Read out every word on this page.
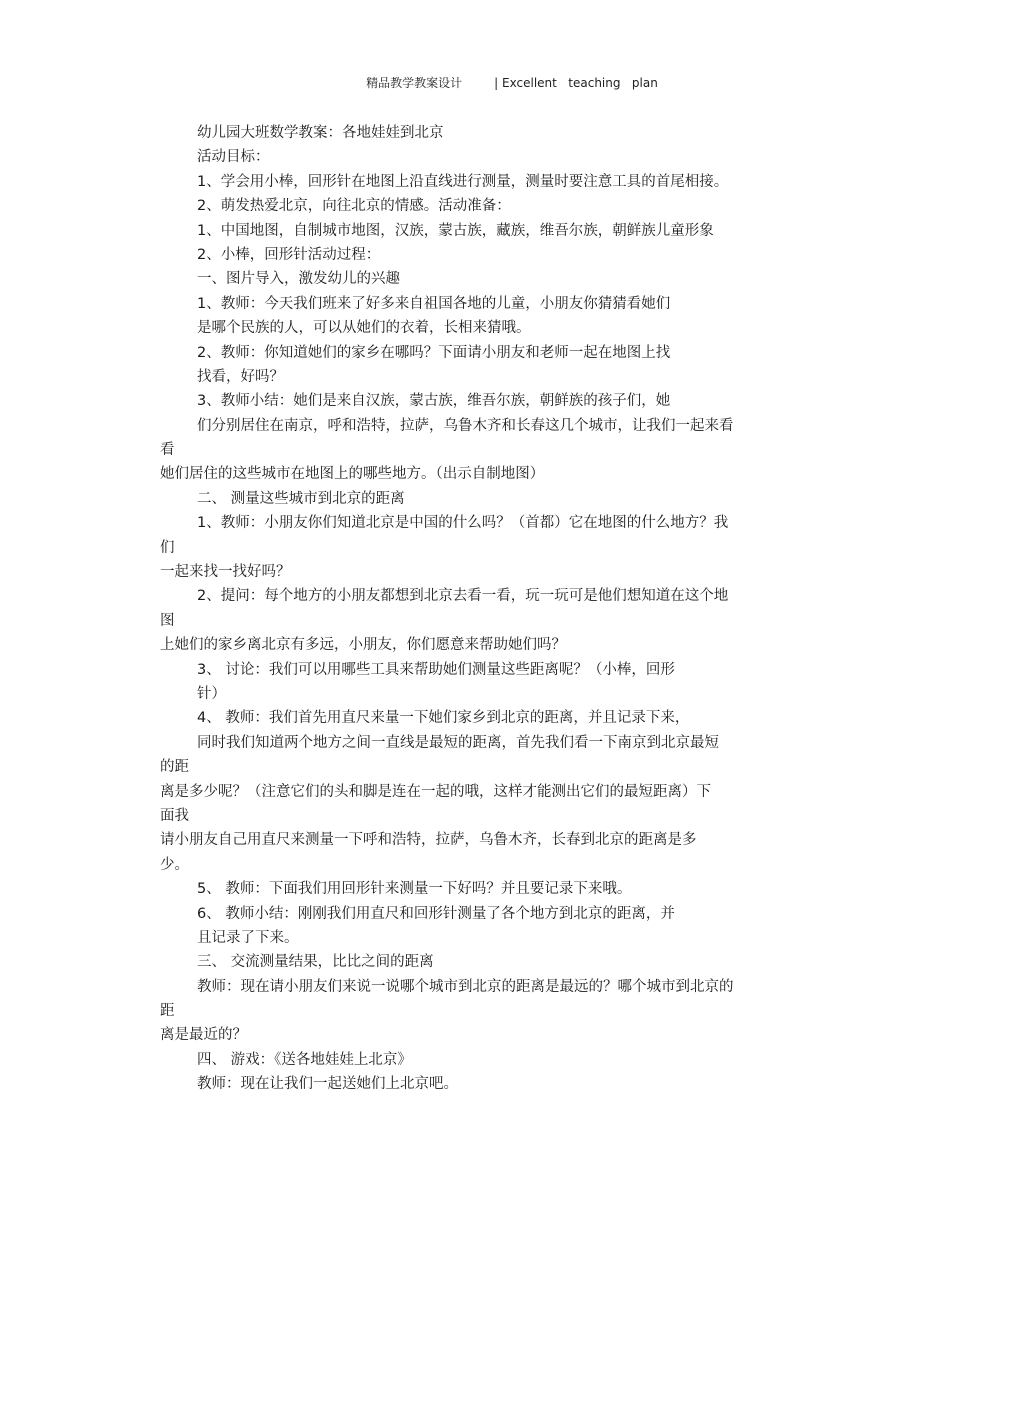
精品教学教案设计	| Excellent   teaching   plan
幼儿园大班数学教案：各地娃娃到北京
活动目标：
1、学会用小棒，回形针在地图上沿直线进行测量，测量时要注意工具的首尾相接。
2、萌发热爱北京，向往北京的情感。活动准备：
1、中国地图，自制城市地图，汉族，蒙古族，藏族，维吾尔族，朝鲜族儿童形象
2、小棒，回形针活动过程：
一、图片导入，激发幼儿的兴趣
1、教师：今天我们班来了好多来自祖国各地的儿童，小朋友你猜猜看她们
是哪个民族的人，可以从她们的衣着，长相来猜哦。
2、教师：你知道她们的家乡在哪吗？下面请小朋友和老师一起在地图上找
找看，好吗？
3、教师小结：她们是来自汉族，蒙古族，维吾尔族，朝鲜族的孩子们，她
们分别居住在南京，呼和浩特，拉萨，乌鲁木齐和长春这几个城市，让我们一起来看
看
她们居住的这些城市在地图上的哪些地方。（出示自制地图）
二、 测量这些城市到北京的距离
1、教师：小朋友你们知道北京是中国的什么吗？（首都）它在地图的什么地方？我
们
一起来找一找好吗？
2、提问：每个地方的小朋友都想到北京去看一看，玩一玩可是他们想知道在这个地
图
上她们的家乡离北京有多远，小朋友，你们愿意来帮助她们吗？
3、 讨论：我们可以用哪些工具来帮助她们测量这些距离呢？（小棒，回形
针）
4、 教师：我们首先用直尺来量一下她们家乡到北京的距离，并且记录下来，
同时我们知道两个地方之间一直线是最短的距离，首先我们看一下南京到北京最短
的距
离是多少呢？（注意它们的头和脚是连在一起的哦，这样才能测出它们的最短距离）下
面我
请小朋友自己用直尺来测量一下呼和浩特，拉萨，乌鲁木齐，长春到北京的距离是多
少。
5、 教师：下面我们用回形针来测量一下好吗？并且要记录下来哦。
6、 教师小结：刚刚我们用直尺和回形针测量了各个地方到北京的距离，并
且记录了下来。
三、 交流测量结果，比比之间的距离
教师：现在请小朋友们来说一说哪个城市到北京的距离是最远的？哪个城市到北京的
距
离是最近的？
四、 游戏：《送各地娃娃上北京》
教师：现在让我们一起送她们上北京吧。
